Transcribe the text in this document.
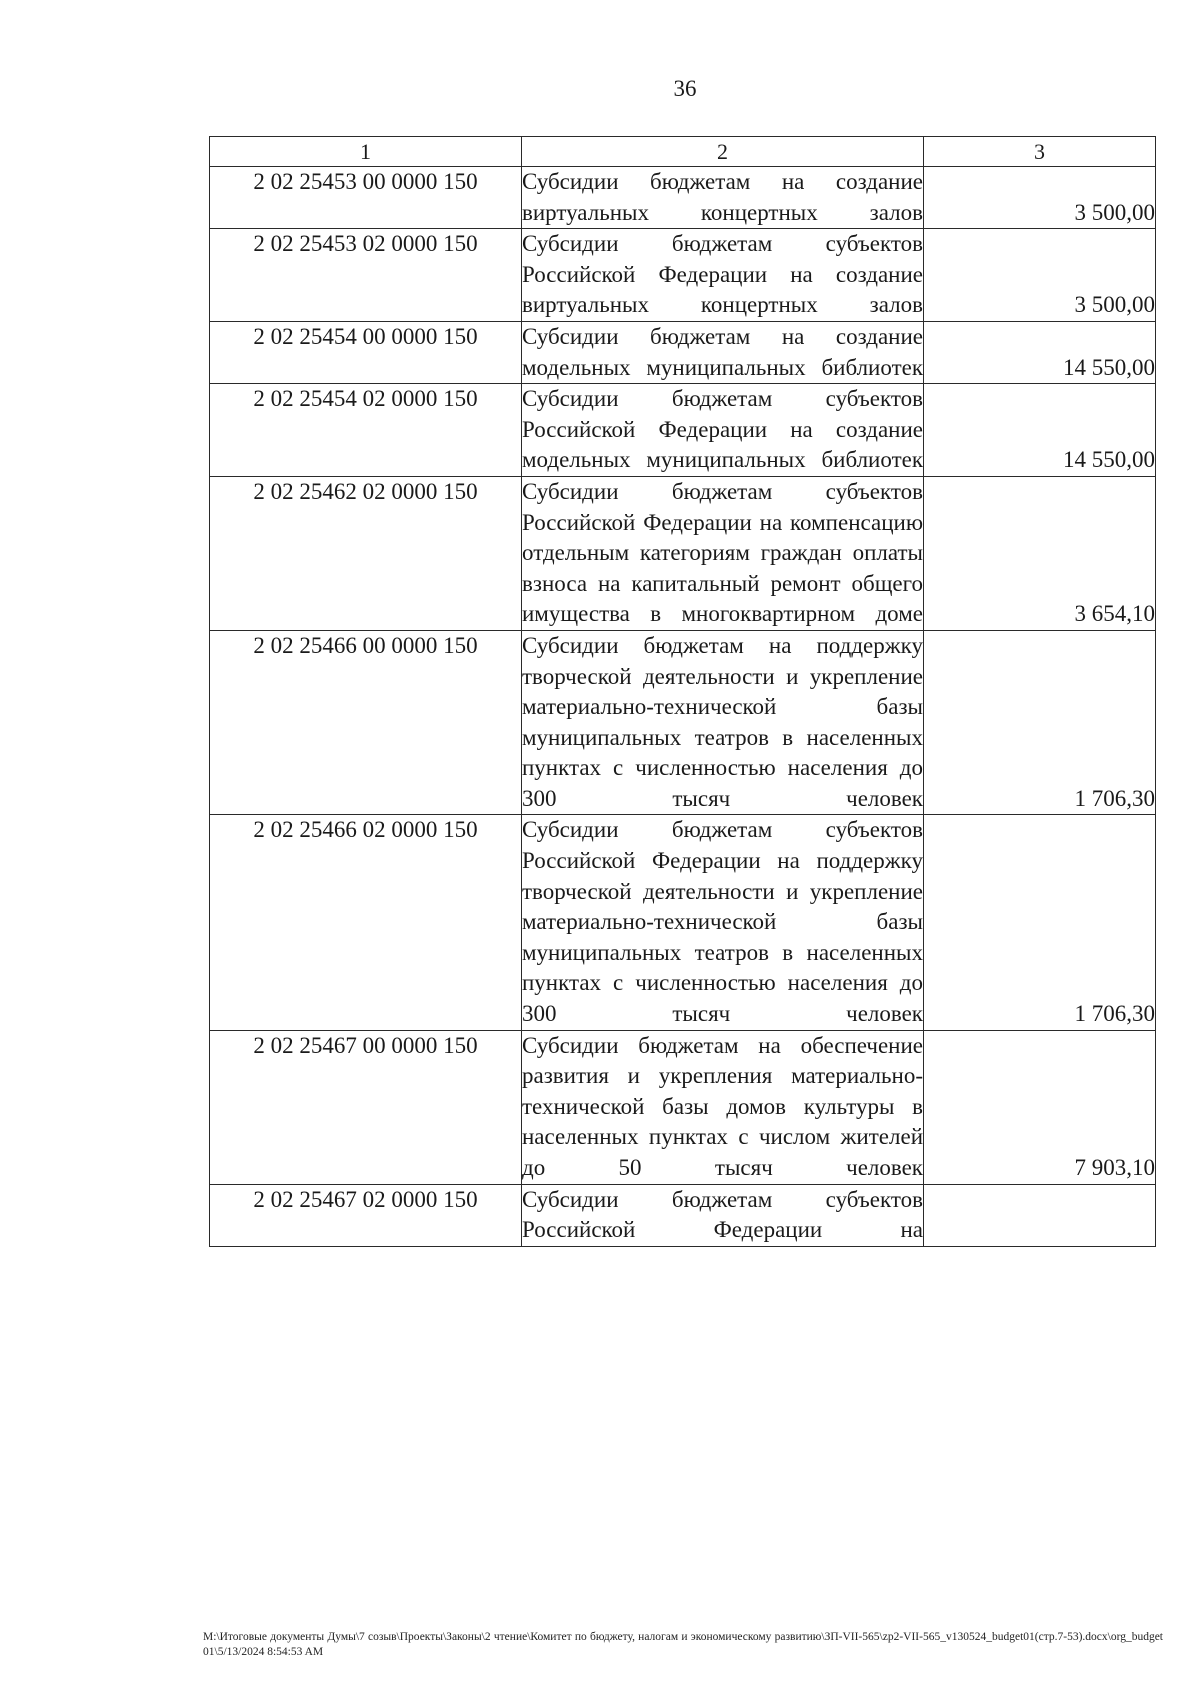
36
1	2	3
2 02 25453 00 0000 150	Субсидии бюджетам на создание виртуальных концертных залов	3 500,00
2 02 25453 02 0000 150	Субсидии бюджетам субъектов Российской Федерации на создание виртуальных концертных залов	3 500,00
2 02 25454 00 0000 150	Субсидии бюджетам на создание модельных муниципальных библиотек	14 550,00
2 02 25454 02 0000 150	Субсидии бюджетам субъектов Российской Федерации на создание модельных муниципальных библиотек	14 550,00
2 02 25462 02 0000 150	Субсидии бюджетам субъектов Российской Федерации на компенсацию отдельным категориям граждан оплаты взноса на капитальный ремонт общего имущества в многоквартирном доме	3 654,10
2 02 25466 00 0000 150	Субсидии бюджетам на поддержку творческой деятельности и укрепление материально-технической базы муниципальных театров в населенных пунктах с численностью населения до 300 тысяч человек	1 706,30
2 02 25466 02 0000 150	Субсидии бюджетам субъектов Российской Федерации на поддержку творческой деятельности и укрепление материально-технической базы муниципальных театров в населенных пунктах с численностью населения до 300 тысяч человек	1 706,30
2 02 25467 00 0000 150	Субсидии бюджетам на обеспечение развития и укрепления материально-технической базы домов культуры в населенных пунктах с числом жителей до 50 тысяч человек	7 903,10
2 02 25467 02 0000 150	Субсидии бюджетам субъектов Российской Федерации на	
M:\Итоговые документы Думы\7 созыв\Проекты\Законы\2 чтение\Комитет по бюджету, налогам и экономическому развитию\ЗП-VII-565\zp2-VII-565_v130524_budget01(стр.7-53).docx\org_budget01\5/13/2024 8:54:53 AM
